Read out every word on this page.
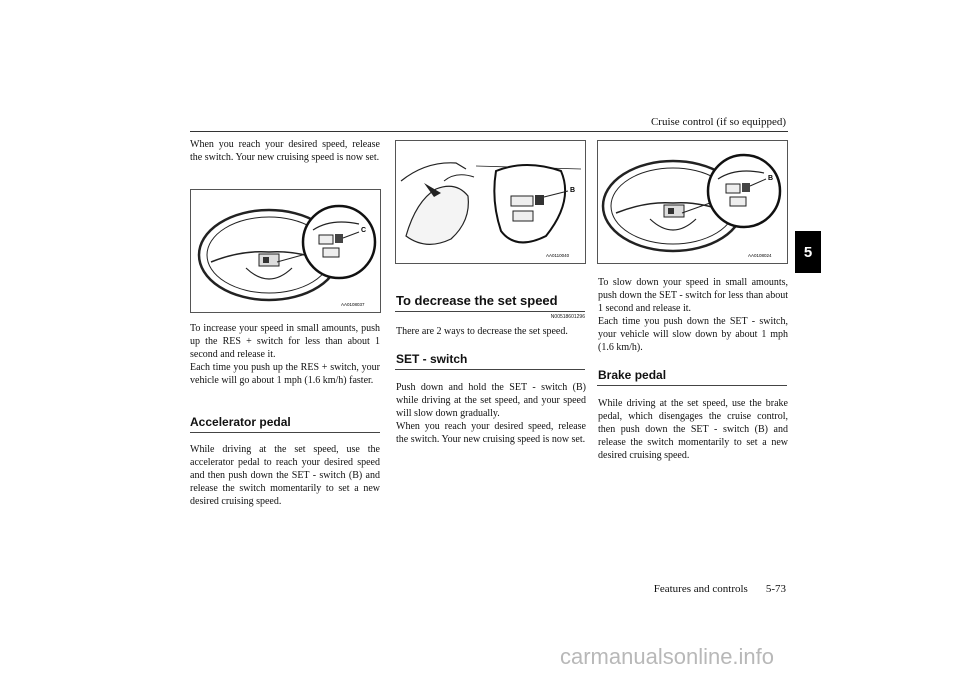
Cruise control (if so equipped)
5

When you reach your desired speed, release the switch. Your new cruising speed is now set.

C
AA0108037

To increase your speed in small amounts, push up the RES + switch for less than about 1 second and release it.

Each time you push up the RES + switch, your vehicle will go about 1 mph (1.6 km/h) faster.

Accelerator pedal

While driving at the set speed, use the accelerator pedal to reach your desired speed and then push down the SET - switch (B) and release the switch momentarily to set a new desired cruising speed.

B
AA0110040
To decrease the set speed
N00518601296

There are 2 ways to decrease the set speed.

SET - switch

Push down and hold the SET - switch (B) while driving at the set speed, and your speed will slow down gradually.

When you reach your desired speed, release the switch. Your new cruising speed is now set.

B
AA0108024

To slow down your speed in small amounts, push down the SET - switch for less than about 1 second and release it.

Each time you push down the SET - switch, your vehicle will slow down by about 1 mph (1.6 km/h).

Brake pedal

While driving at the set speed, use the brake pedal, which disengages the cruise control, then push down the SET - switch (B) and release the switch momentarily to set a new desired cruising speed.

Features and controls 5-73
carmanualsonline.info
